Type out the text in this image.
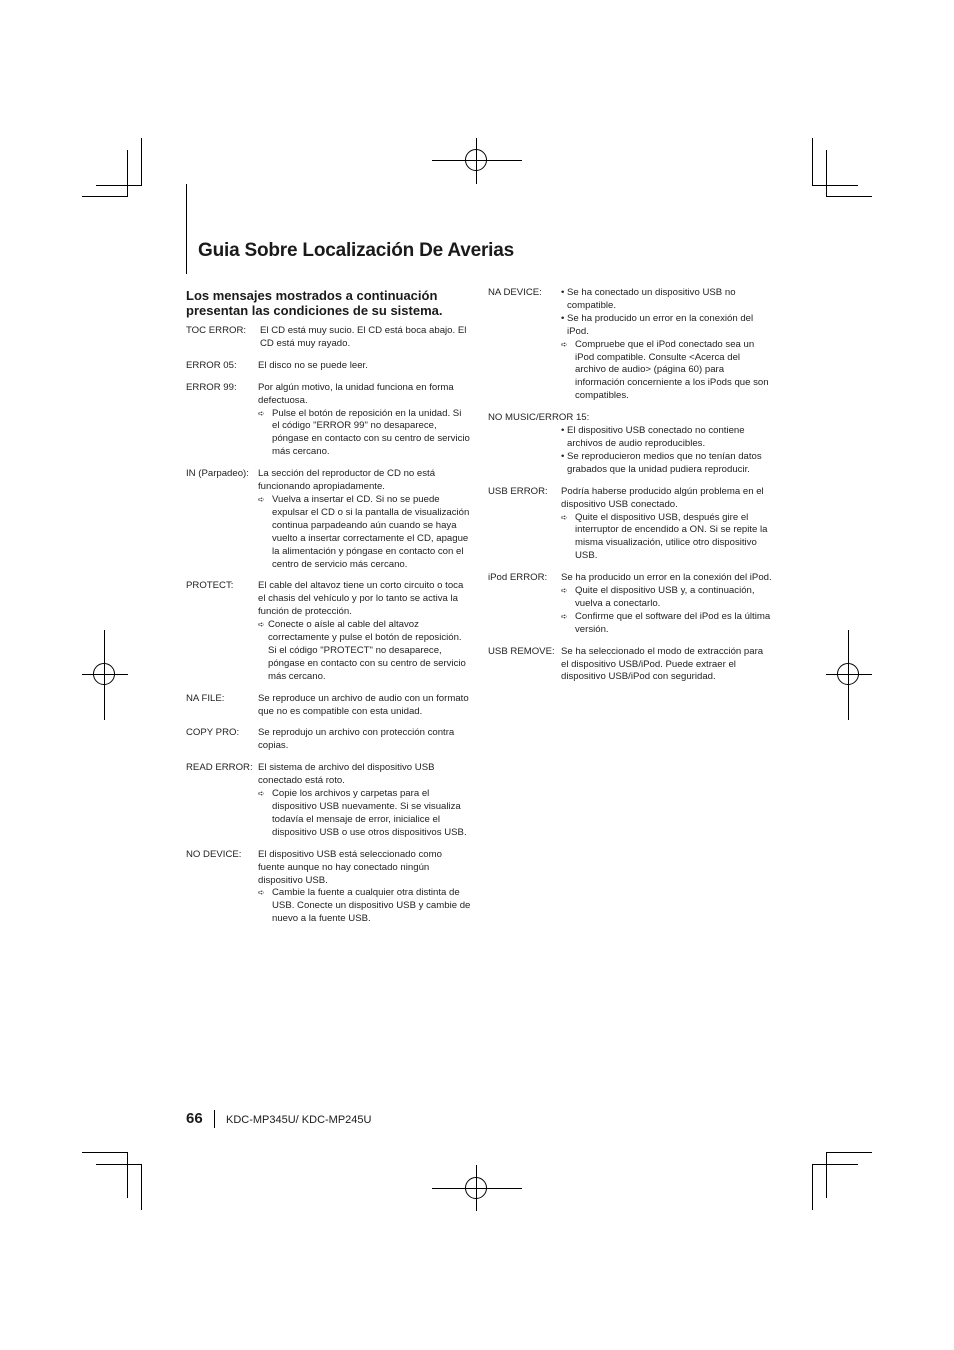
Guia Sobre Localización De Averias
Los mensajes mostrados a continuación presentan las condiciones de su sistema.
TOC ERROR:	El CD está muy sucio. El CD está boca abajo. El CD está muy rayado.
ERROR 05:	El disco no se puede leer.
ERROR 99:	Por algún motivo, la unidad funciona en forma defectuosa.
➪ Pulse el botón de reposición en la unidad. Si el código "ERROR 99" no desaparece, póngase en contacto con su centro de servicio más cercano.
IN (Parpadeo): La sección del reproductor de CD no está funcionando apropiadamente.
➪ Vuelva a insertar el CD. Si no se puede expulsar el CD o si la pantalla de visualización continua parpadeando aún cuando se haya vuelto a insertar correctamente el CD, apague la alimentación y póngase en contacto con el centro de servicio más cercano.
PROTECT:	El cable del altavoz tiene un corto circuito o toca el chasis del vehículo y por lo tanto se activa la función de protección.
➪ Conecte o aísle al cable del altavoz correctamente y pulse el botón de reposición. Si el código "PROTECT" no desaparece, póngase en contacto con su centro de servicio más cercano.
NA FILE:	Se reproduce un archivo de audio con un formato que no es compatible con esta unidad.
COPY PRO:	Se reprodujo un archivo con protección contra copias.
READ ERROR: El sistema de archivo del dispositivo USB conectado está roto.
➪ Copie los archivos y carpetas para el dispositivo USB nuevamente. Si se visualiza todavía el mensaje de error, inicialice el dispositivo USB o use otros dispositivos USB.
NO DEVICE:	El dispositivo USB está seleccionado como fuente aunque no hay conectado ningún dispositivo USB.
➪ Cambie la fuente a cualquier otra distinta de USB. Conecte un dispositivo USB y cambie de nuevo a la fuente USB.
NA DEVICE:	• Se ha conectado un dispositivo USB no compatible.
• Se ha producido un error en la conexión del iPod.
➪ Compruebe que el iPod conectado sea un iPod compatible. Consulte <Acerca del archivo de audio> (página 60) para información concerniente a los iPods que son compatibles.
NO MUSIC/ERROR 15:
• El dispositivo USB conectado no contiene archivos de audio reproducibles.
• Se reproducieron medios que no tenían datos grabados que la unidad pudiera reproducir.
USB ERROR:	Podría haberse producido algún problema en el dispositivo USB conectado.
➪ Quite el dispositivo USB, después gire el interruptor de encendido a ON. Si se repite la misma visualización, utilice otro dispositivo USB.
iPod ERROR:	Se ha producido un error en la conexión del iPod.
➪ Quite el dispositivo USB y, a continuación, vuelva a conectarlo.
➪ Confirme que el software del iPod es la última versión.
USB REMOVE: Se ha seleccionado el modo de extracción para el dispositivo USB/iPod. Puede extraer el dispositivo USB/iPod con seguridad.
66 KDC-MP345U/ KDC-MP245U
